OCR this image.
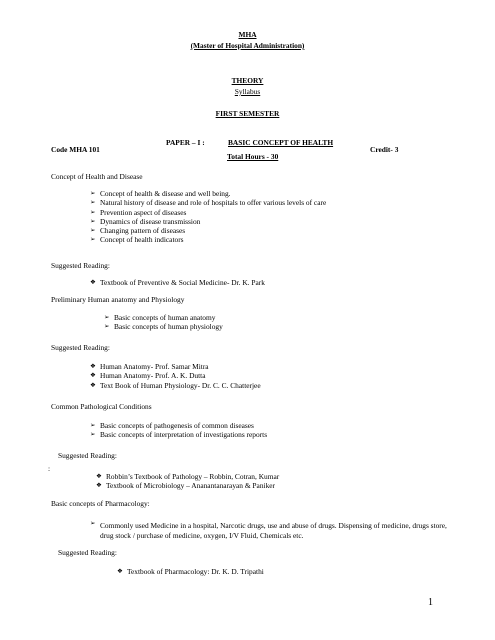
MHA
(Master of Hospital Administration)
THEORY
Syllabus
FIRST SEMESTER
PAPER – I :	BASIC CONCEPT OF HEALTH
Code MHA 101	Credit- 3
Total Hours - 30
Concept of Health and Disease
➢ Concept of health & disease and well being.
➢ Natural history of disease and role of hospitals to offer various levels of care
➢ Prevention aspect of diseases
➢ Dynamics of disease transmission
➢ Changing pattern of diseases
➢ Concept of health indicators
Suggested Reading:
❖ Textbook of Preventive & Social Medicine- Dr. K. Park
Preliminary Human anatomy and Physiology
➢ Basic concepts of human anatomy
➢ Basic concepts of human physiology
Suggested Reading:
❖ Human Anatomy- Prof. Samar Mitra
❖ Human Anatomy- Prof. A. K. Dutta
❖ Text Book of Human Physiology- Dr. C. C. Chatterjee
Common Pathological Conditions
➢ Basic concepts of pathogenesis of common diseases
➢ Basic concepts of interpretation of investigations reports
Suggested Reading:
:
❖ Robbin’s Textbook of Pathology – Robbin, Cotran, Kumar
❖ Textbook of Microbiology – Ananantanarayan & Paniker
Basic concepts of Pharmacology:
➢ Commonly used Medicine in a hospital, Narcotic drugs, use and abuse of drugs. Dispensing of medicine, drugs store, drug stock / purchase of medicine, oxygen, I/V Fluid, Chemicals etc.
Suggested Reading:
❖ Textbook of Pharmacology: Dr. K. D. Tripathi
1
